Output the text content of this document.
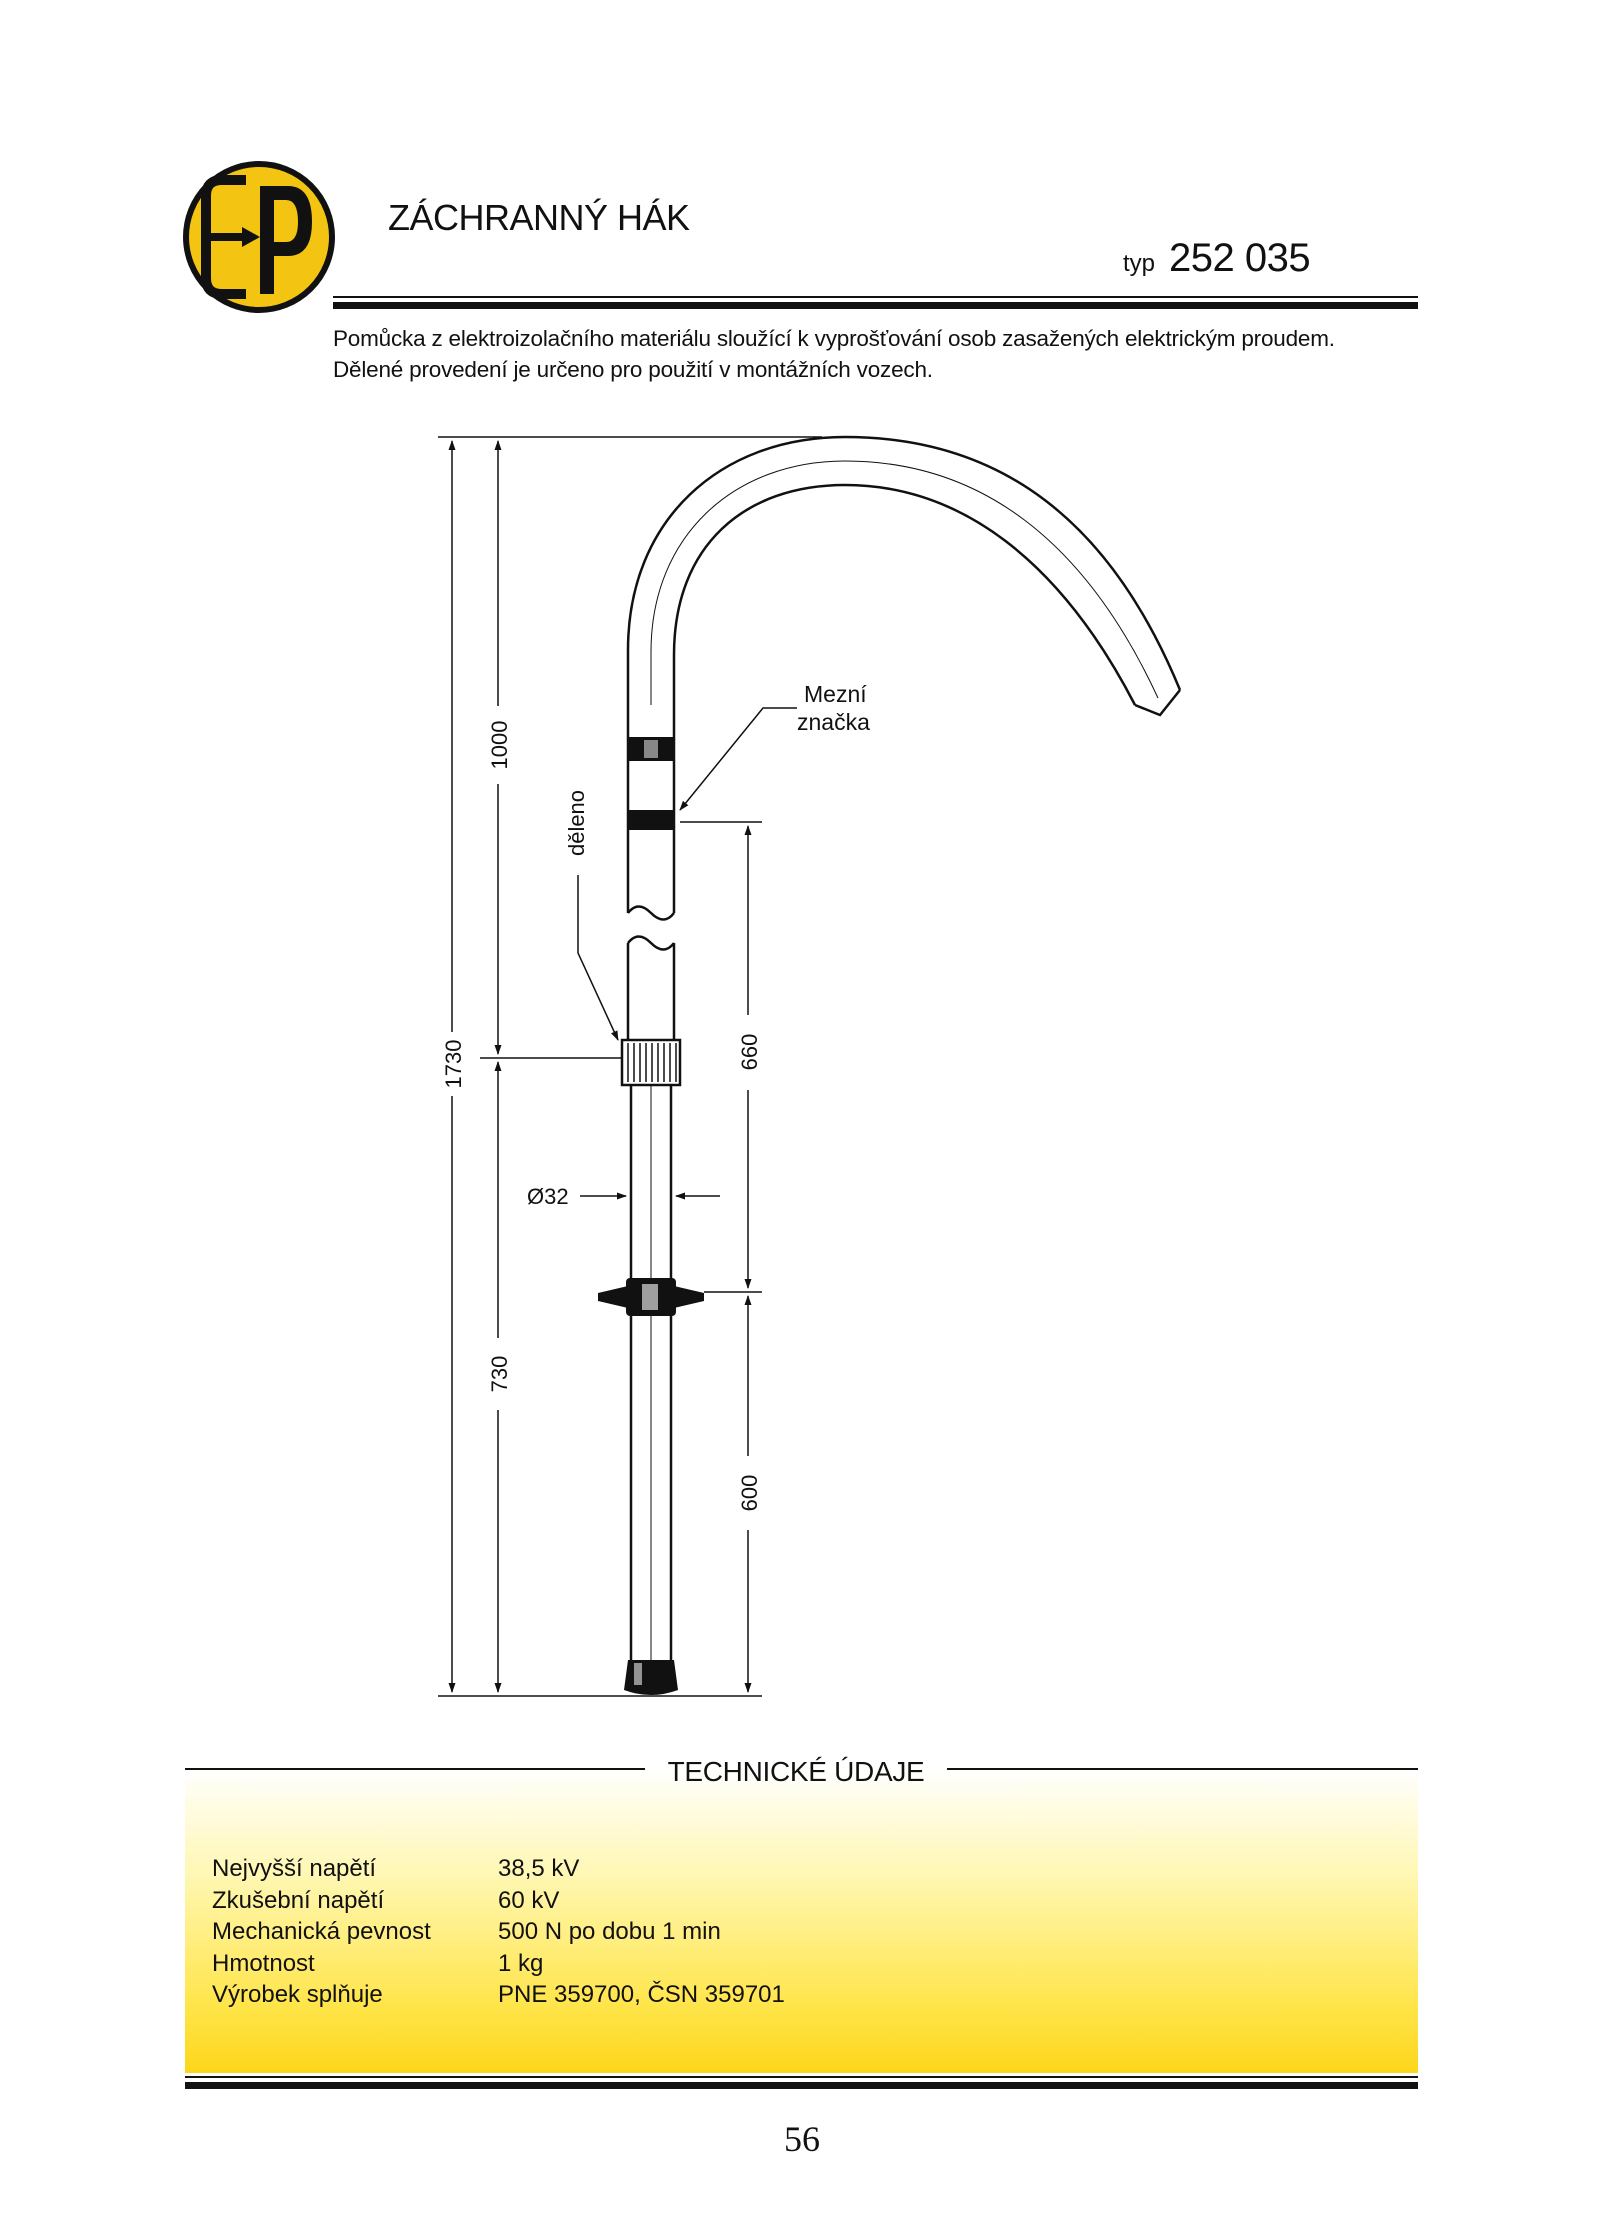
ZÁCHRANNÝ HÁK
typ 252 035
Pomůcka z elektroizolačního materiálu sloužící k vyprošťování osob zasažených elektrickým proudem.
Dělené provedení je určeno pro použití v montážních vozech.
1730
1000
730
660
600
Ø32
děleno
Mezní
značka
TECHNICKÉ ÚDAJE
Nejvyšší napětí	38,5 kV
Zkušební napětí	60 kV
Mechanická pevnost	500 N po dobu 1 min
Hmotnost	1 kg
Výrobek splňuje	PNE 359700, ČSN 359701
56
